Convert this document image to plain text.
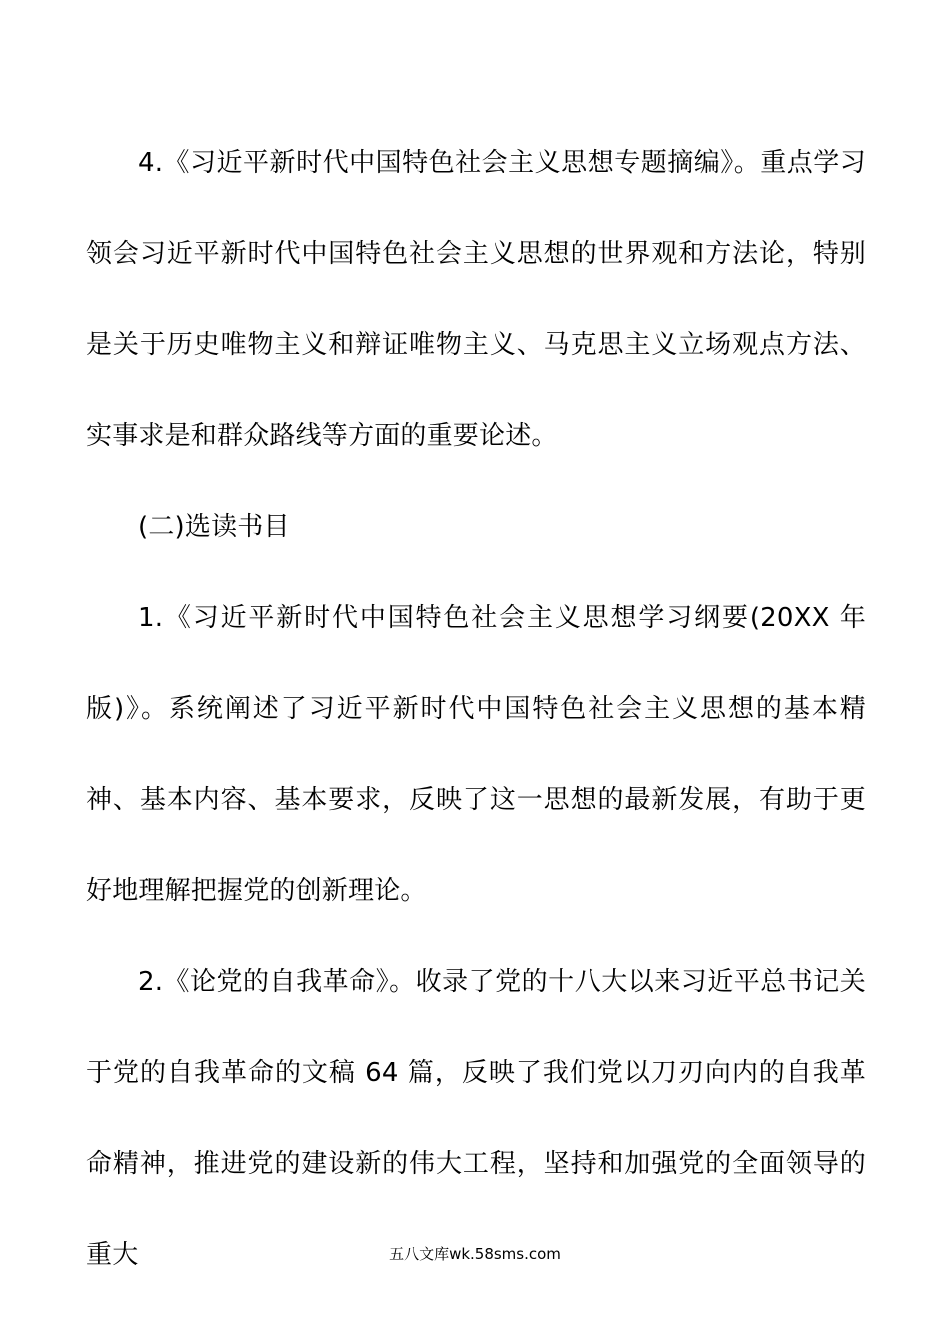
4.《习近平新时代中国特色社会主义思想专题摘编》。重点学习领会习近平新时代中国特色社会主义思想的世界观和方法论，特别是关于历史唯物主义和辩证唯物主义、马克思主义立场观点方法、实事求是和群众路线等方面的重要论述。

(二)选读书目

1.《习近平新时代中国特色社会主义思想学习纲要(20XX 年版)》。系统阐述了习近平新时代中国特色社会主义思想的基本精神、基本内容、基本要求，反映了这一思想的最新发展，有助于更好地理解把握党的创新理论。

2.《论党的自我革命》。收录了党的十八大以来习近平总书记关于党的自我革命的文稿 64 篇，反映了我们党以刀刃向内的自我革命精神，推进党的建设新的伟大工程，坚持和加强党的全面领导的重大	五八文库wk.58sms.com
